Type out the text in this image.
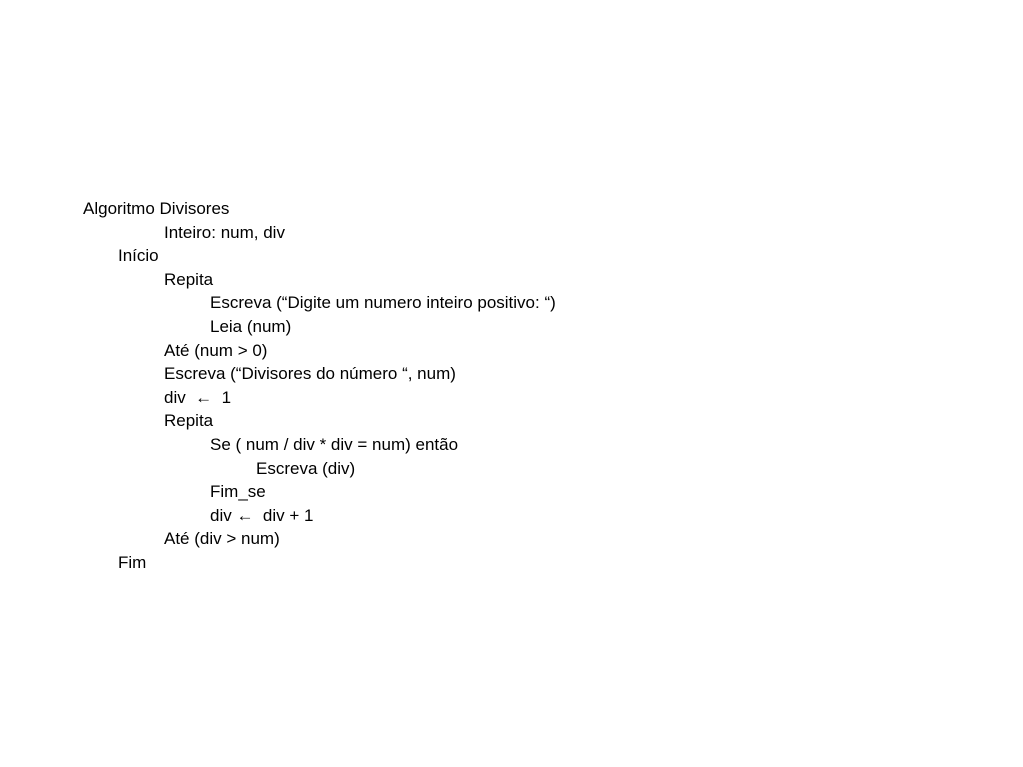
Algoritmo Divisores
Inteiro: num, div
Início
Repita
Escreva (“Digite um numero inteiro positivo: “)
Leia (num)
Até (num > 0)
Escreva (“Divisores do número “, num)
div  ←  1
Repita
Se ( num / div * div = num) então
Escreva (div)
Fim_se
div ←  div + 1
Até (div > num)
Fim
